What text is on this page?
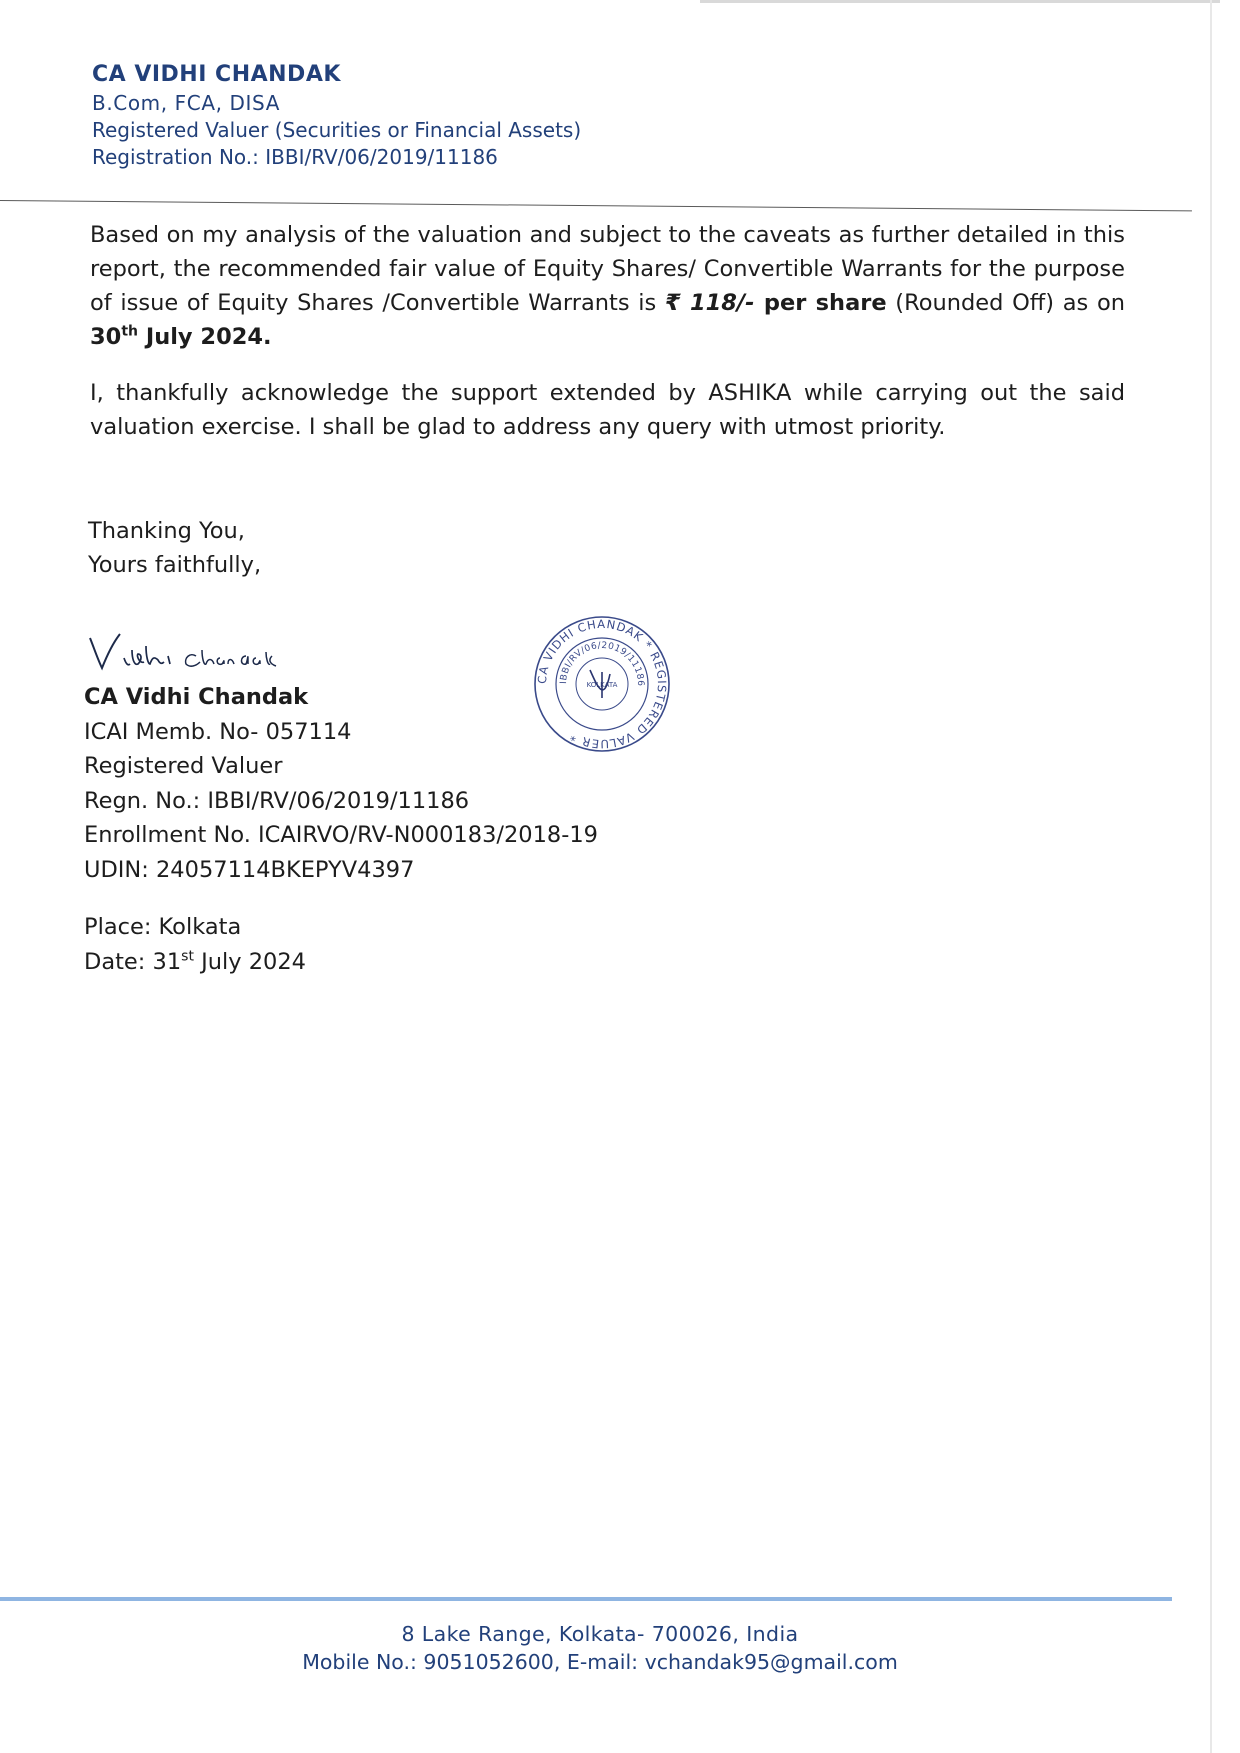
CA VIDHI CHANDAK
B.Com, FCA, DISA
Registered Valuer (Securities or Financial Assets)
Registration No.: IBBI/RV/06/2019/11186
Based on my analysis of the valuation and subject to the caveats as further detailed in this report, the recommended fair value of Equity Shares/ Convertible Warrants for the purpose of issue of Equity Shares /Convertible Warrants is ₹ 118/- per share (Rounded Off) as on 30th July 2024.
I, thankfully acknowledge the support extended by ASHIKA while carrying out the said valuation exercise. I shall be glad to address any query with utmost priority.
Thanking You,
Yours faithfully,
CA Vidhi Chandak
ICAI Memb. No- 057114
Registered Valuer
Regn. No.: IBBI/RV/06/2019/11186
Enrollment No. ICAIRVO/RV-N000183/2018-19
UDIN: 24057114BKEPYV4397
Place: Kolkata
Date: 31st July 2024
CA VIDHI CHANDAK * REGISTERED VALUER *
IBBI/RV/06/2019/11186
KOLKATA
8 Lake Range, Kolkata- 700026, India
Mobile No.: 9051052600, E-mail: vchandak95@gmail.com
